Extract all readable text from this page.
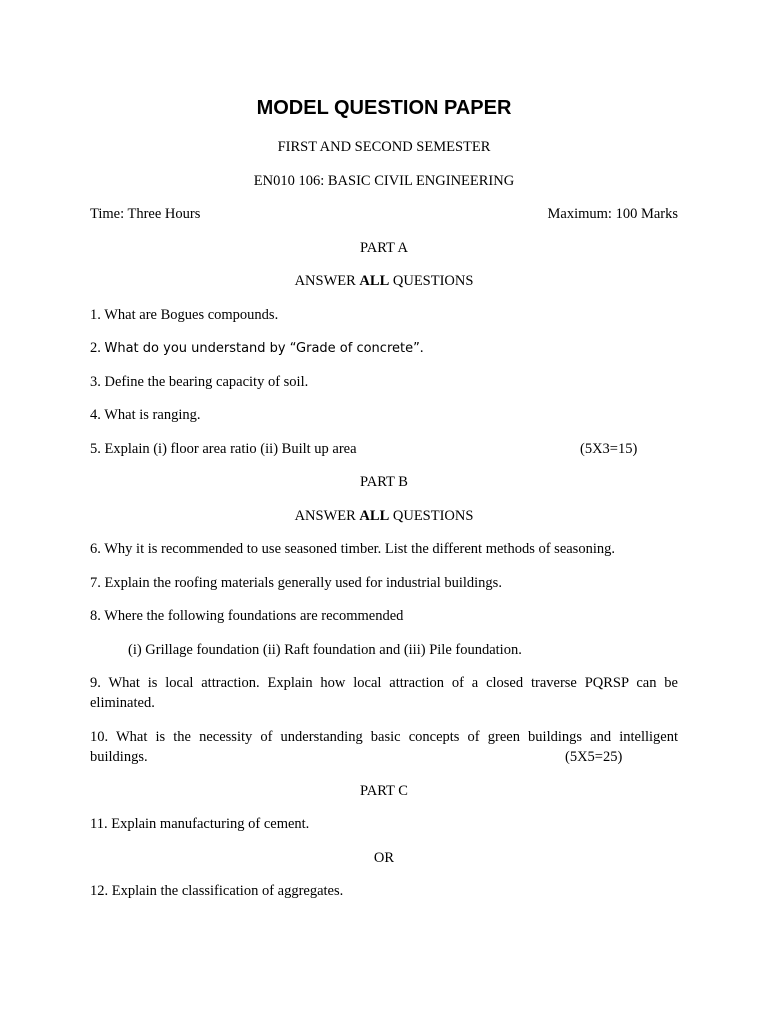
MODEL QUESTION PAPER
FIRST AND SECOND SEMESTER
EN010 106: BASIC CIVIL ENGINEERING
Time: Three Hours	Maximum: 100 Marks
PART A
ANSWER ALL QUESTIONS
1. What are Bogues compounds.
2. What do you understand by “Grade of concrete”.
3. Define the bearing capacity of soil.
4. What is ranging.
5. Explain (i) floor area ratio (ii) Built up area	(5X3=15)
PART B
ANSWER ALL QUESTIONS
6. Why it is recommended to use seasoned timber. List the different methods of seasoning.
7. Explain the roofing materials generally used for industrial buildings.
8. Where the following foundations are recommended
(i) Grillage foundation (ii) Raft foundation and (iii) Pile foundation.
9. What is local attraction. Explain how local attraction of a closed traverse PQRSP can be
eliminated.
10. What is the necessity of understanding basic concepts of green buildings and intelligent
buildings.	(5X5=25)
PART C
11. Explain manufacturing of cement.
OR
12. Explain the classification of aggregates.
